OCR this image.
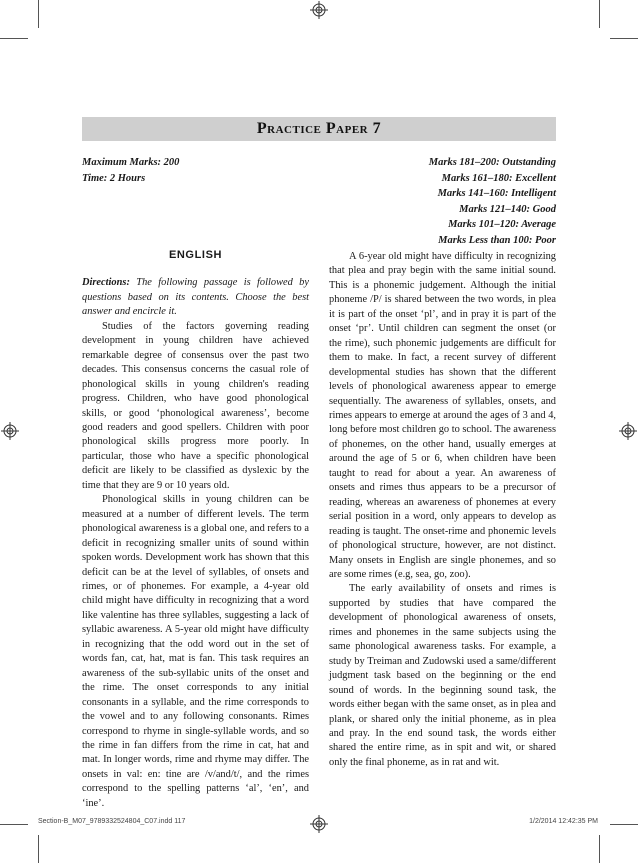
Practice Paper 7
Maximum Marks: 200
Time: 2 Hours
Marks 181–200: Outstanding
Marks 161–180: Excellent
Marks 141–160: Intelligent
Marks 121–140: Good
Marks 101–120: Average
Marks Less than 100: Poor
ENGLISH

Directions: The following passage is followed by questions based on its contents. Choose the best answer and encircle it.

Studies of the factors governing reading development in young children have achieved remarkable degree of consensus over the past two decades. This consensus concerns the casual role of phonological skills in young children's reading progress. Children, who have good phonological skills, or good ‘phonological awareness’, become good readers and good spellers. Children with poor phonological skills progress more poorly. In particular, those who have a specific phonological deficit are likely to be classified as dyslexic by the time that they are 9 or 10 years old.

Phonological skills in young children can be measured at a number of different levels. The term phonological awareness is a global one, and refers to a deficit in recognizing smaller units of sound within spoken words. Development work has shown that this deficit can be at the level of syllables, of onsets and rimes, or of phonemes. For example, a 4-year old child might have difficulty in recognizing that a word like valentine has three syllables, suggesting a lack of syllabic awareness. A 5-year old might have difficulty in recognizing that the odd word out in the set of words fan, cat, hat, mat is fan. This task requires an awareness of the sub-syllabic units of the onset and the rime. The onset corresponds to any initial consonants in a syllable, and the rime corresponds to the vowel and to any following consonants. Rimes correspond to rhyme in single-syllable words, and so the rime in fan differs from the rime in cat, hat and mat. In longer words, rime and rhyme may differ. The onsets in val: en: tine are /v/and/t/, and the rimes correspond to the spelling patterns ‘al’, ‘en’, and ‘ine’.

A 6-year old might have difficulty in recognizing that plea and pray begin with the same initial sound. This is a phonemic judgement. Although the initial phoneme /P/ is shared between the two words, in plea it is part of the onset ‘pl’, and in pray it is part of the onset ‘pr’. Until children can segment the onset (or the rime), such phonemic judgements are difficult for them to make. In fact, a recent survey of different developmental studies has shown that the different levels of phonological awareness appear to emerge sequentially. The awareness of syllables, onsets, and rimes appears to emerge at around the ages of 3 and 4, long before most children go to school. The awareness of phonemes, on the other hand, usually emerges at around the age of 5 or 6, when children have been taught to read for about a year. An awareness of onsets and rimes thus appears to be a precursor of reading, whereas an awareness of phonemes at every serial position in a word, only appears to develop as reading is taught. The onset-rime and phonemic levels of phonological structure, however, are not distinct. Many onsets in English are single phonemes, and so are some rimes (e.g, sea, go, zoo).

The early availability of onsets and rimes is supported by studies that have compared the development of phonological awareness of onsets, rimes and phonemes in the same subjects using the same phonological awareness tasks. For example, a study by Treiman and Zudowski used a same/different judgment task based on the beginning or the end sound of words. In the beginning sound task, the words either began with the same onset, as in plea and plank, or shared only the initial phoneme, as in plea and pray. In the end sound task, the words either shared the entire rime, as in spit and wit, or shared only the final phoneme, as in rat and wit.

Section-B_M07_9789332524804_C07.indd 117	1/2/2014 12:42:35 PM
